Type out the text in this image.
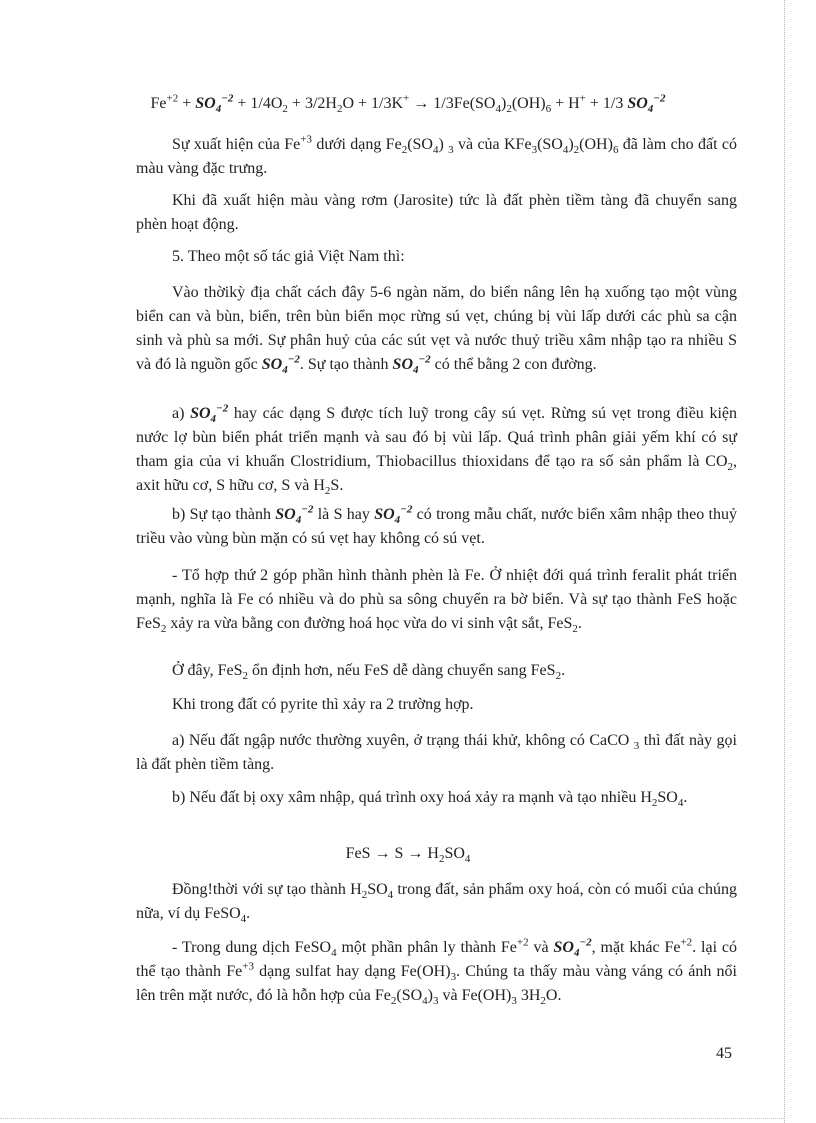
$Fe^{+2} + SO_4^{-2} + 1/4O_2 + 3/2H_2O + 1/3K^+ \to 1/3Fe(SO_4)_2(OH)_6 + H^+ + 1/3$ $SO_4^{-2}$

Sự xuất hiện của $Fe^{+3}$ dưới dạng $Fe_2(SO_4)$ $_3$ và của $KFe_3(SO_4)_2(OH)_6$ đã làm cho đất có màu vàng đặc trưng.

Khi đã xuất hiện màu vàng rơm (Jarosite) tức là đất phèn tiềm tàng đã chuyển sang phèn hoạt động.

5. Theo một số tác giả Việt Nam thì:

Vào thờikỳ địa chất cách đây 5-6 ngàn năm, do biển nâng lên hạ xuống tạo một vùng biển can và bùn, biển, trên bùn biển mọc rừng sú vẹt, chúng bị vùi lấp dưới các phù sa cận sinh và phù sa mới. Sự phân huỷ của các sút vẹt và nước thuỷ triều xâm nhập tạo ra nhiều S và đó là nguồn gốc $SO_4^{-2}$. Sự tạo thành $SO_4^{-2}$ có thể bằng 2 con đường.

a) $SO_4^{-2}$ hay các dạng S được tích luỹ trong cây sú vẹt. Rừng sú vẹt trong điều kiện nước lợ bùn biển phát triển mạnh và sau đó bị vùi lấp. Quá trình phân giải yếm khí có sự tham gia của vi khuẩn Clostridium, Thiobacillus thioxidans để tạo ra số sản phẩm là $CO_2$, axit hữu cơ, S hữu cơ, S và $H_2S$.

b) Sự tạo thành $SO_4^{-2}$ là S hay $SO_4^{-2}$ có trong mẫu chất, nước biển xâm nhập theo thuỷ triều vào vùng bùn mặn có sú vẹt hay không có sú vẹt.

- Tổ hợp thứ 2 góp phần hình thành phèn là Fe. Ở nhiệt đới quá trình feralit phát triển mạnh, nghĩa là Fe có nhiều và do phù sa sông chuyển ra bờ biển. Và sự tạo thành FeS hoặc FeS$_2$ xảy ra vừa bằng con đường hoá học vừa do vi sinh vật sắt, FeS$_2$.

Ở đây, FeS$_2$ ổn định hơn, nếu FeS dễ dàng chuyển sang FeS$_2$.

Khi trong đất có pyrite thì xảy ra 2 trường hợp.

a) Nếu đất ngập nước thường xuyên, ở trạng thái khử, không có CaCO $_3$ thì đất này gọi là đất phèn tiềm tàng.

b) Nếu đất bị oxy xâm nhập, quá trình oxy hoá xảy ra mạnh và tạo nhiều $H_2SO_4$.

FeS → $S \to H_2SO_4$

Đồng!thời với sự tạo thành $H_2SO_4$ trong đất, sản phẩm oxy hoá, còn có muối của chúng nữa, ví dụ FeSO$_4$.

- Trong dung dịch FeSO$_4$ một phần phân ly thành $Fe^{+2}$ và $SO_4^{-2}$, mặt khác $Fe^{+2}$. lại có thể tạo thành $Fe^{+3}$ dạng sulfat hay dạng $Fe(OH)_3$. Chúng ta thấy màu vàng váng có ánh nổi lên trên mặt nước, đó là hỗn hợp của $Fe_2(SO_4)_3$ và $Fe(OH)_3$ $3H_2O$.

45
